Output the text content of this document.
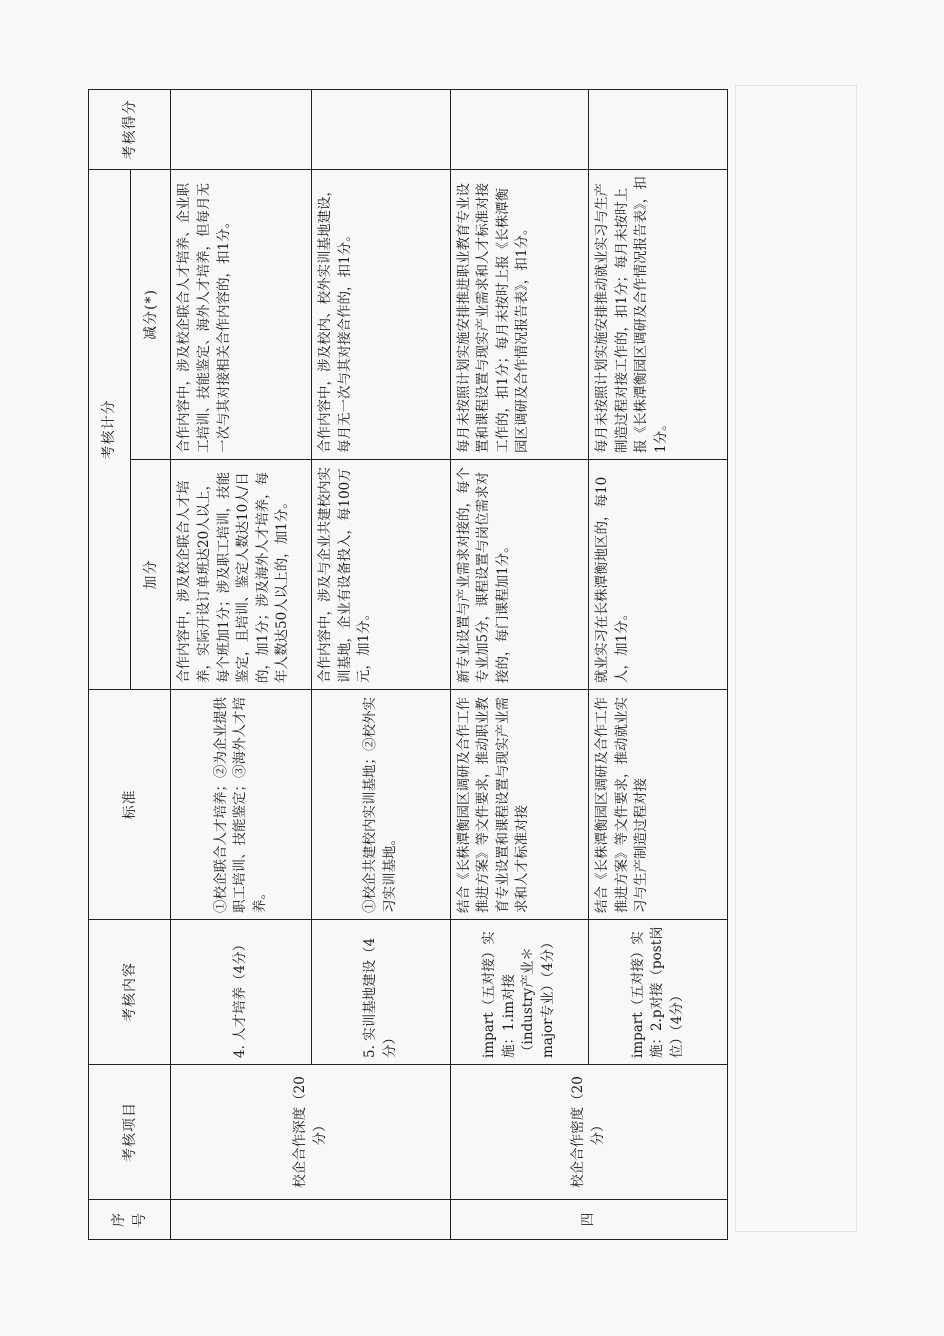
序号	考核项目	考核内容	标准	考核计分		考核得分
				加分	减分(*)	
	校企合作深度（20分）	4. 人才培养（4分）	①校企联合人才培养；②为企业提供职工培训、技能鉴定；③海外人才培养。	合作内容中，涉及校企联合人才培养，实际开设订单班达20人以上，每个班加1分；涉及职工培训，技能鉴定，且培训、鉴定人数达10人/日的，加1分；涉及海外人才培养，每年人数达50人以上的，加1分。	合作内容中，涉及校企联合人才培养、企业职工培训、技能鉴定、海外人才培养，但每月无一次与其对接相关合作内容的，扣1分。	
		5. 实训基地建设（4分）	①校企共建校内实训基地；②校外实习实训基地。	合作内容中，涉及与企业共建校内实训基地，企业有设备投入，每100万元，加1分。	合作内容中，涉及校内、校外实训基地建设，每月无一次与其对接合作的，扣1分。	
四	校企合作密度（20分）	impart（五对接）实施：1.im对接（industry产业＊major专业）（4分）	结合《长株潭衡园区调研及合作工作推进方案》等文件要求，推动职业教育专业设置和课程设置与现实产业需求和人才标准对接	新专业设置与产业需求对接的，每个专业加5分，课程设置与岗位需求对接的，每门课程加1分。	每月未按照计划实施安排推进职业教育专业设置和课程设置与现实产业需求和人才标准对接工作的，扣1分；每月未按时上报《长株潭衡园区调研及合作情况报告表》，扣1分。	
		impart（五对接）实施：2.p对接（post岗位）（4分）	结合《长株潭衡园区调研及合作工作推进方案》等文件要求，推动就业实习与生产制造过程对接	就业实习在长株潭衡地区的，每10人，加1分。	每月未按照计划实施安排推动就业实习与生产制造过程对接工作的，扣1分；每月未按时上报《长株潭衡园区调研及合作情况报告表》，扣1分。	
